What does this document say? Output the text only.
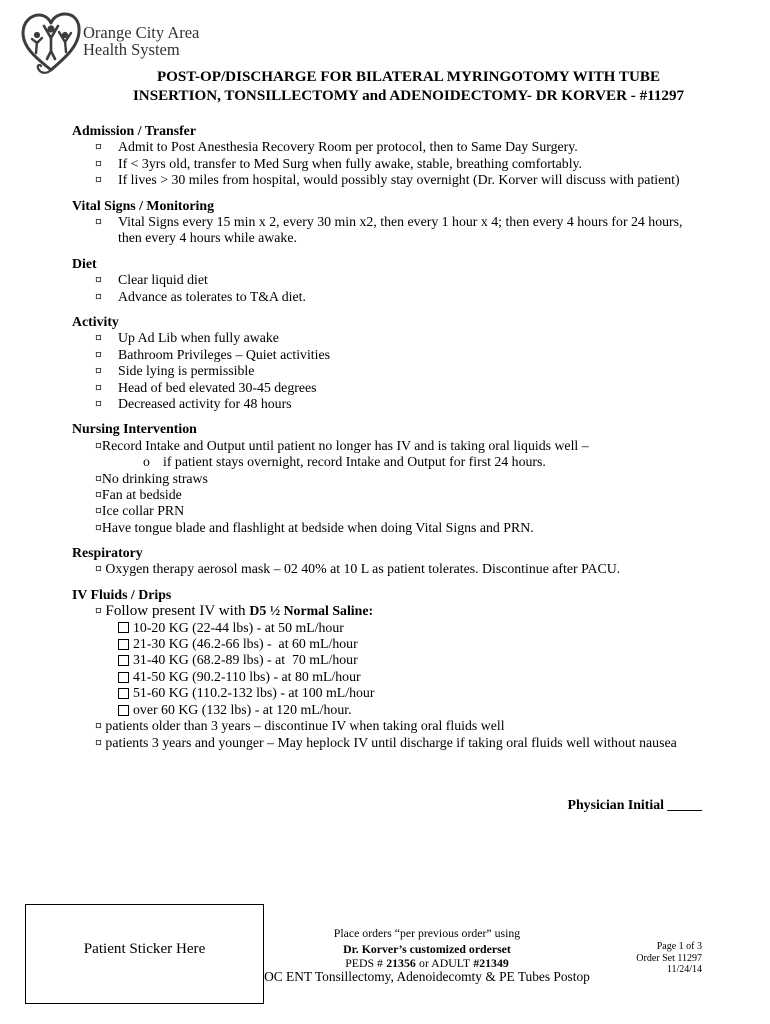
Orange City Area
Health System
POST-OP/DISCHARGE FOR BILATERAL MYRINGOTOMY WITH TUBE
INSERTION, TONSILLECTOMY and ADENOIDECTOMY- DR KORVER - #11297
Admission / Transfer
¤	Admit to Post Anesthesia Recovery Room per protocol, then to Same Day Surgery.
¤	If < 3yrs old, transfer to Med Surg when fully awake, stable, breathing comfortably.
¤	If lives > 30 miles from hospital, would possibly stay overnight (Dr. Korver will discuss with patient)
Vital Signs / Monitoring
¤	Vital Signs every 15 min x 2, every 30 min x2, then every 1 hour x 4; then every 4 hours for 24 hours,
then every 4 hours while awake.
Diet
¤	Clear liquid diet
¤	Advance as tolerates to T&A diet.
Activity
¤	Up Ad Lib when fully awake
¤	Bathroom Privileges – Quiet activities
¤	Side lying is permissible
¤	Head of bed elevated 30-45 degrees
¤	Decreased activity for 48 hours
Nursing Intervention
¤ Record Intake and Output until patient no longer has IV and is taking oral liquids well –
o if patient stays overnight, record Intake and Output for first 24 hours.
¤ No drinking straws
¤ Fan at bedside
¤ Ice collar PRN
¤ Have tongue blade and flashlight at bedside when doing Vital Signs and PRN.
Respiratory
¤ Oxygen therapy aerosol mask – 02 40% at 10 L as patient tolerates. Discontinue after PACU.
IV Fluids / Drips
¤ Follow present IV with D5 ½ Normal Saline:
10-20 KG (22-44 lbs) - at 50 mL/hour
21-30 KG (46.2-66 lbs) -  at 60 mL/hour
31-40 KG (68.2-89 lbs) - at  70 mL/hour
41-50 KG (90.2-110 lbs) - at 80 mL/hour
51-60 KG (110.2-132 lbs) - at 100 mL/hour
over 60 KG (132 lbs) - at 120 mL/hour.
¤ patients older than 3 years – discontinue IV when taking oral fluids well
¤ patients 3 years and younger – May heplock IV until discharge if taking oral fluids well without nausea
Physician Initial _____
Patient Sticker Here
Place orders “per previous order” using
Dr. Korver’s customized orderset
PEDS # 21356 or ADULT #21349
OC ENT Tonsillectomy, Adenoidecomty & PE Tubes Postop
Page 1 of 3
Order Set 11297
11/24/14
